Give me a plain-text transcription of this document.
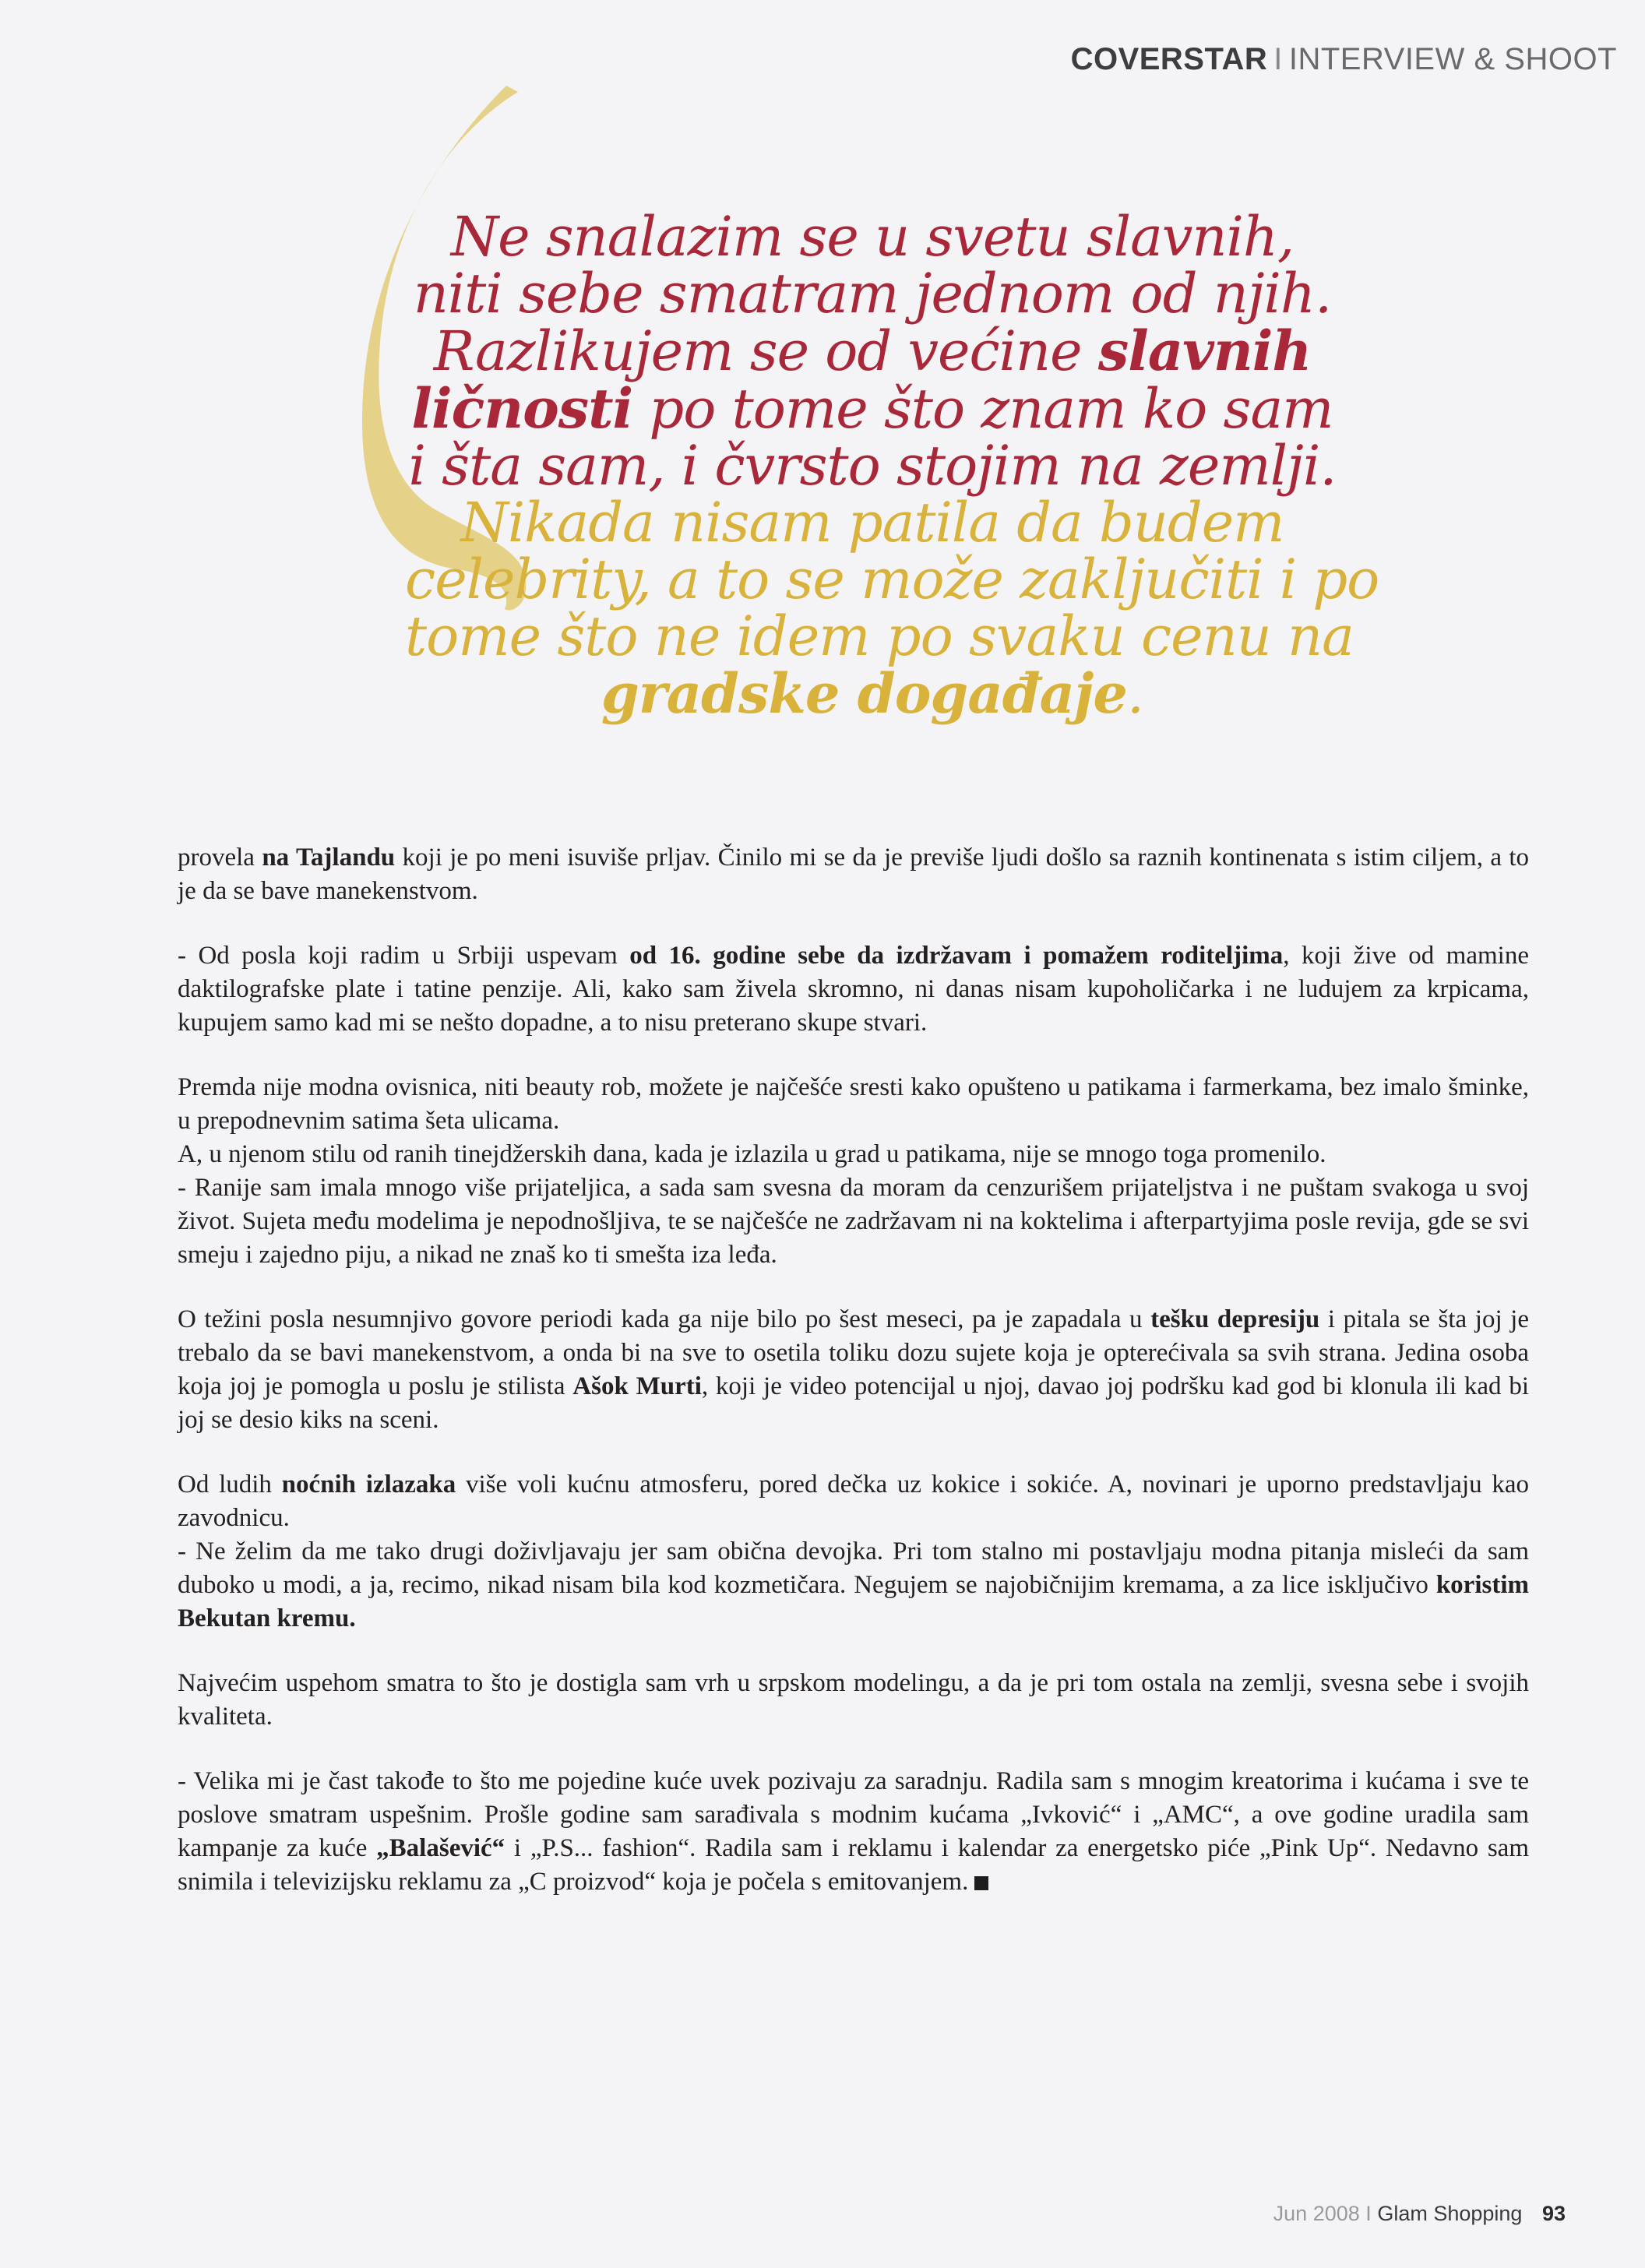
COVERSTAR I INTERVIEW & SHOOT
Ne snalazim se u svetu slavnih,
niti sebe smatram jednom od njih.
Razlikujem se od većine slavnih
ličnosti po tome što znam ko sam
i šta sam, i čvrsto stojim na zemlji.
Nikada nisam patila da budem
celebrity, a to se može zaključiti i po
tome što ne idem po svaku cenu na
gradske događaje.

provela na Tajlandu koji je po meni isuviše prljav. Činilo mi se da je previše ljudi došlo sa raznih kontinenata s istim ciljem, a to je da se bave manekenstvom.

- Od posla koji radim u Srbiji uspevam od 16. godine sebe da izdržavam i pomažem roditeljima, koji žive od mamine daktilografske plate i tatine penzije. Ali, kako sam živela skromno, ni danas nisam kupoholičarka i ne ludujem za krpicama, kupujem samo kad mi se nešto dopadne, a to nisu preterano skupe stvari.

Premda nije modna ovisnica, niti beauty rob, možete je najčešće sresti kako opušteno u patikama i farmerkama, bez imalo šminke, u prepodnevnim satima šeta ulicama.

A, u njenom stilu od ranih tinejdžerskih dana, kada je izlazila u grad u patikama, nije se mnogo toga promenilo.

- Ranije sam imala mnogo više prijateljica, a sada sam svesna da moram da cenzurišem prijateljstva i ne puštam svakoga u svoj život. Sujeta među modelima je nepodnošljiva, te se najčešće ne zadržavam ni na koktelima i afterpartyjima posle revija, gde se svi smeju i zajedno piju, a nikad ne znaš ko ti smešta iza leđa.

O težini posla nesumnjivo govore periodi kada ga nije bilo po šest meseci, pa je zapadala u tešku depresiju i pitala se šta joj je trebalo da se bavi manekenstvom, a onda bi na sve to osetila toliku dozu sujete koja je opterećivala sa svih strana. Jedina osoba koja joj je pomogla u poslu je stilista Ašok Murti, koji je video potencijal u njoj, davao joj podršku kad god bi klonula ili kad bi joj se desio kiks na sceni.

Od ludih noćnih izlazaka više voli kućnu atmosferu, pored dečka uz kokice i sokiće. A, novinari je uporno predstavljaju kao zavodnicu.

- Ne želim da me tako drugi doživljavaju jer sam obična devojka. Pri tom stalno mi postavljaju modna pitanja misleći da sam duboko u modi, a ja, recimo, nikad nisam bila kod kozmetičara. Negujem se najobičnijim kremama, a za lice isključivo koristim Bekutan kremu.

Najvećim uspehom smatra to što je dostigla sam vrh u srpskom modelingu, a da je pri tom ostala na zemlji, svesna sebe i svojih kvaliteta.

- Velika mi je čast takođe to što me pojedine kuće uvek pozivaju za saradnju. Radila sam s mnogim kreatorima i kućama i sve te poslove smatram uspešnim. Prošle godine sam sarađivala s modnim kućama „Ivković“ i „AMC“, a ove godine uradila sam kampanje za kuće „Balašević“ i „P.S... fashion“. Radila sam i reklamu i kalendar za energetsko piće „Pink Up“. Nedavno sam snimila i televizijsku reklamu za „C proizvod“ koja je počela s emitovanjem.

Jun 2008 I Glam Shopping 93
